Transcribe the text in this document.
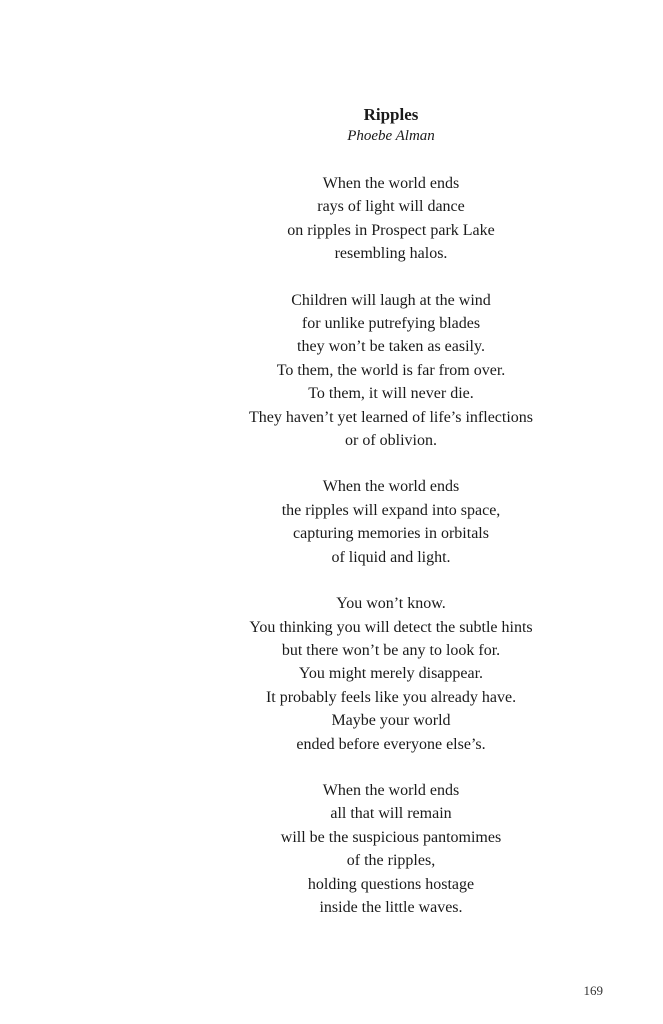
Ripples

Phoebe Alman

When the world ends
rays of light will dance
on ripples in Prospect park Lake
resembling halos.
Children will laugh at the wind
for unlike putrefying blades
they won’t be taken as easily.
To them, the world is far from over.
To them, it will never die.
They haven’t yet learned of life’s inflections
or of oblivion.
When the world ends
the ripples will expand into space,
capturing memories in orbitals
of liquid and light.
You won’t know.
You thinking you will detect the subtle hints
but there won’t be any to look for.
You might merely disappear.
It probably feels like you already have.
Maybe your world
ended before everyone else’s.
When the world ends
all that will remain
will be the suspicious pantomimes
of the ripples,
holding questions hostage
inside the little waves.
169
